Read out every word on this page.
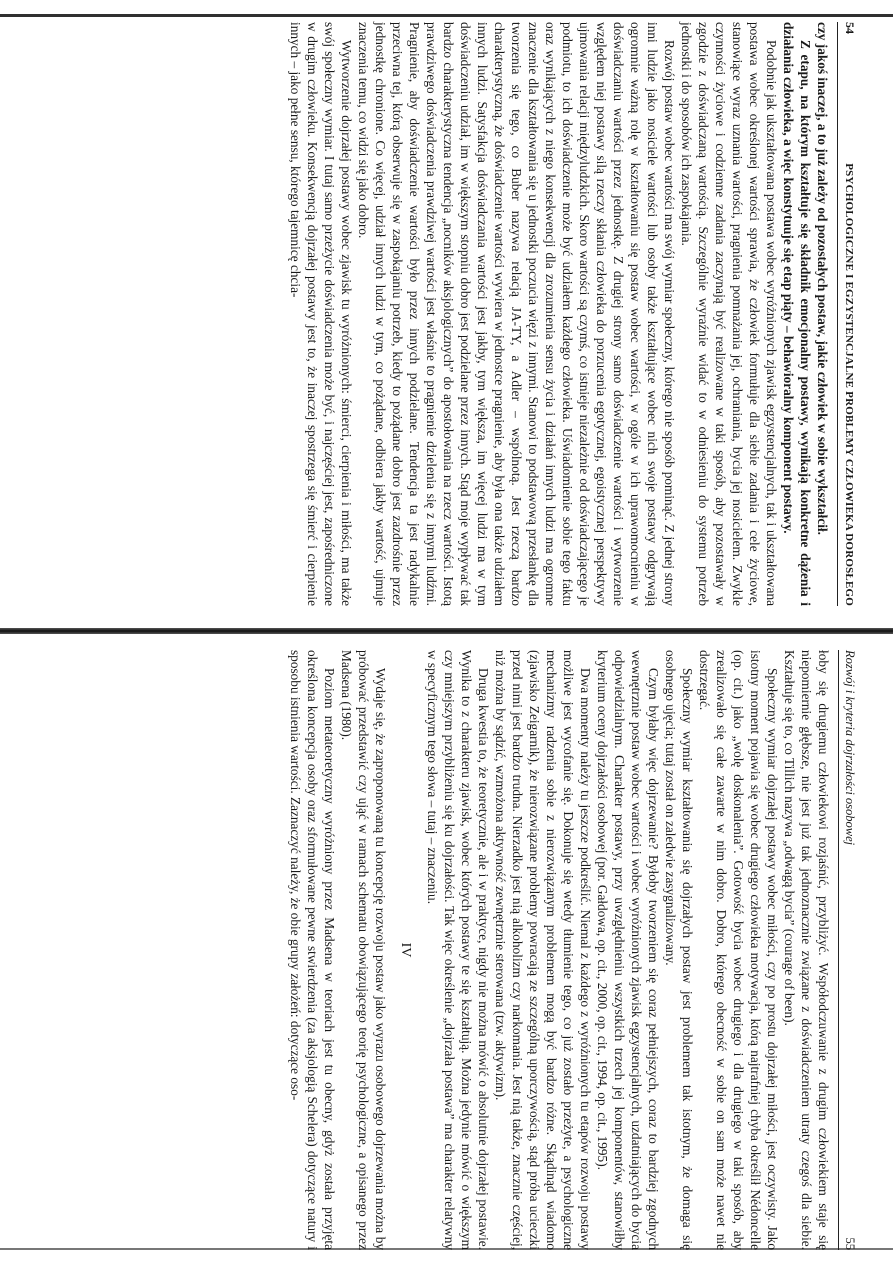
54
PSYCHOLOGICZNE I EGZYSTENCJALNE PROBLEMY CZŁOWIEKA DOROSŁEGO

czy jakoś inaczej, a to już zależy od pozostałych postaw, jakie człowiek w sobie wykształcił.

Z etapu, na którym kształtuje się składnik emocjonalny postawy, wynikają konkretne dążenia i działania człowieka, a więc konstytuuje się etap piąty – behawioralny komponent postawy.

Podobnie jak ukształtowana postawa wobec wyróżnionych zjawisk egzystencjalnych, tak i ukształtowana postawa wobec określonej wartości sprawia, że człowiek formułuje dla siebie zadania i cele życiowe, stanowiące wyraz uznania wartości, pragnienia pomnażania jej, ochraniania, bycia jej nosicielem. Zwykle czynności życiowe i codzienne zadania zaczynają być realizowane w taki sposób, aby pozostawały w zgodzie z doświadczaną wartością. Szczególnie wyraźnie widać to w odniesieniu do systemu potrzeb jednostki i do sposobów ich zaspokajania.

Rozwój postaw wobec wartości ma swój wymiar społeczny, którego nie sposób pominąć. Z jednej strony inni ludzie jako nosiciele wartości lub osoby także kształtujące wobec nich swoje postawy odgrywają ogromnie ważną rolę w kształtowaniu się postaw wobec wartości, w ogóle w ich uprawomocnieniu w doświadczaniu wartości przez jednostkę. Z drugiej strony samo doświadczenie wartości i wytworzenie względem niej postawy silą rzeczy skłania człowieka do porzucenia egotycznej, egoistycznej perspektywy ujmowania relacji międzyludzkich. Skoro wartości są czymś, co istnieje niezależnie od doświadczającego je podmiotu, to ich doświadczenie może być udziałem każdego człowieka. Uświadomienie sobie tego faktu oraz wynikających z niego konsekwencji dla zrozumienia sensu życia i działań innych ludzi ma ogromne znaczenie dla kształtowania się u jednostki poczucia więzi z innymi. Stanowi to podstawową przesłankę dla tworzenia się tego, co Buber nazywa relacją JA-TY, a Adler – wspólnotą. Jest rzeczą bardzo charakterystyczną, że doświadczenie wartości wywiera w jednostce pragnienie, aby była ona także udziałem innych ludzi. Satysfakcja doświadczania wartości jest jakby, tym większa, im więcej ludzi ma w tym doświadczeniu udział, im w większym stopniu dobro jest podzielane przez innych. Stąd moje wypływać tak bardzo charakterystyczna tendencja „nocników aksjologicznych” do apostołowania na rzecz wartości. Istotą prawdziwego doświadczenia prawdziwej wartości jest właśnie to pragnienie dzielenia się z innymi ludźmi. Pragnienie, aby doświadczenie wartości było przez innych podzielane. Tendencja ta jest radykalnie przeciwna tej, którą obserwuje się w zaspokajaniu potrzeb, kiedy to pożądane dobro jest zazdrośnie przez jednostkę chronione. Co więcej, udział innych ludzi w tym, co pożądane, odbiera jakby wartość, ujmuje znaczenia temu, co widzi się jako dobro.

Wytworzenie dojrzałej postawy wobec zjawisk tu wyróżnionych: śmierci, cierpienia i miłości, ma także swój społeczny wymiar. I tutaj samo przeżycie doświadczenia może być, i najczęściej jest, zapośredniczone w drugim człowieku. Konsekwencją dojrzałej postawy jest to, że inaczej spostrzega się śmierć i cierpienie innych – jako pełne sensu, którego tajemnicę chcia-

Rozwój i kryteria dojrzałości osobowej
55

łoby się drugiemu człowiekowi rozjaśnić, przybliżyć. Współodczuwanie z drugim człowiekiem staje się niepomiernie głębsze, nie jest już tak jednoznacznie związane z doświadczeniem utraty czegoś dla siebie. Kształtuje się to, co Tillich nazywa „odwagą bycia” (courage of been).

Społeczny wymiar dojrzałej postawy wobec miłości, czy po prostu dojrzałej miłości, jest oczywisty. Jako istotny moment pojawia się wobec drugiego człowieka motywacja, którą najtrafniej chyba określił Nédoncelle (op. cit.) jako „wolę doskonalenia”. Gotowość bycia wobec drugiego i dla drugiego w taki sposób, aby zrealizowało się całe zawarte w nim dobro. Dobro, którego obecność w sobie on sam może nawet nie dostrzegać.

Społeczny wymiar kształtowania się dojrzałych postaw jest problemem tak istotnym, że domaga się osobnego ujęcia; tutaj został on zaledwie zasygnalizowany.

Czym byłaby więc dojrzewanie? Byłoby tworzeniem się coraz pełniejszych, coraz to bardziej zgodnych wewnętrznie postaw wobec wartości i wobec wyróżnionych zjawisk egzystencjalnych, uzdatniających do bycia odpowiedzialnym. Charakter postawy, przy uwzględnieniu wszystkich trzech jej komponentów, stanowiłby kryterium oceny dojrzałości osobowej (por. Gałdowa, op. cit., 2000, op. cit., 1994, op. cit., 1995).

Dwa momenty należy tu jeszcze podkreślić. Niemal z każdego z wyróżnionych tu etapów rozwoju postawy możliwe jest wycofanie się. Dokonuje się wtedy tłumienie tego, co już zostało przeżyte, a psychologiczne mechanizmy radzenia sobie z nierozwiązanym problemem mogą być bardzo różne. Skądinąd wiadomo (zjawisko Zeigarnik), że nierozwiązane problemy powracają ze szczególną uporczywością, stąd próba ucieczki przed nimi jest bardzo trudna. Nierzadko jest nią alkoholizm czy narkomania. Jest nią także, znacznie częściej, niż można by sądzić, wzmożona aktywność zewnętrznie sterowana (tzw. aktywizm).

Druga kwestia to, że teoretycznie, ale i w praktyce, nigdy nie można mówić o absolutnie dojrzałej postawie. Wynika to z charakteru zjawisk, wobec których postawy te się kształtują. Można jedynie mówić o większym czy mniejszym przybliżeniu się ku dojrzałości. Tak więc określenie „dojrzała postawa” ma charakter relatywny w specyficznym tego słowa – tutaj – znaczeniu.

IV

Wydaje się, że zaproponowaną tu koncepcję rozwoju postaw jako wyrazu osobowego dojrzewania można by próbować przedstawić czy ująć w ramach schematu obowiązującego teorię psychologiczne, a opisanego przez Madsena (1980).

Poziom metateoretyczny wyróżniony przez Madsena w teoriach jest tu obecny, gdyż została przyjęta określona koncepcja osoby oraz sformułowane pewne stwierdzenia (za aksjologią Schelera) dotyczące natury i sposobu istnienia wartości. Zaznaczyć należy, że obie grupy założeń: dotyczące oso-
